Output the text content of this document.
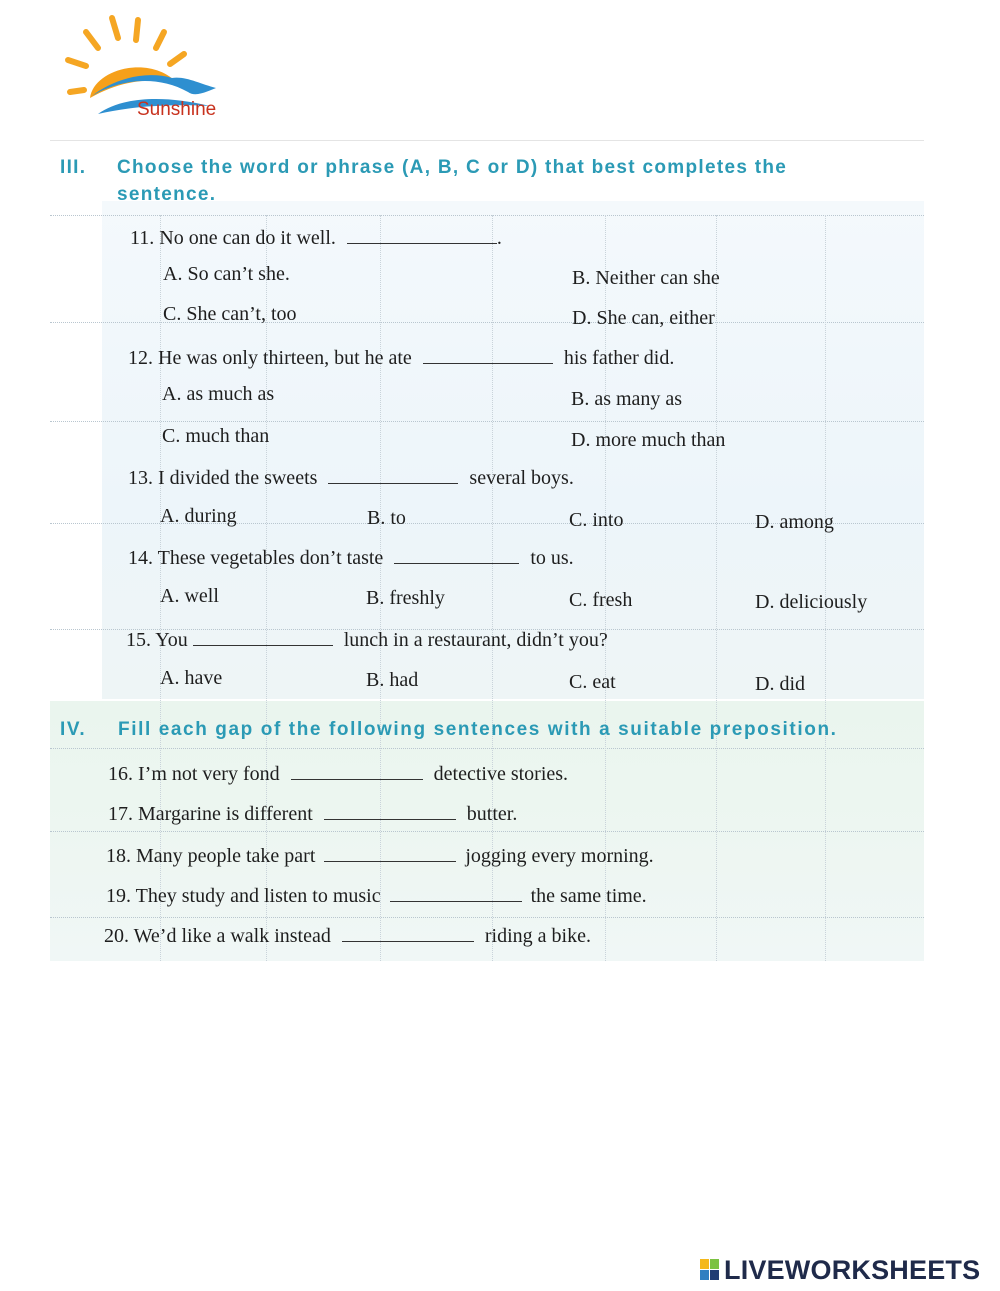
Sunshine
III. Choose the word or phrase (A, B, C or D) that best completes the
sentence.
11. No one can do it well.	.
A. So can’t she.	B. Neither can she
C. She can’t, too	D. She can, either
12. He was only thirteen, but he ate	his father did.
A. as much as	B. as many as
C. much than	D. more much than
13. I divided the sweets	several boys.
A. during	B. to	C. into	D. among
14. These vegetables don’t taste	to us.
A. well	B. freshly	C. fresh	D. deliciously
15. You	lunch in a restaurant, didn’t you?
A. have	B. had	C. eat	D. did
IV. Fill each gap of the following sentences with a suitable preposition.
16. I’m not very fond	detective stories.
17. Margarine is different	butter.
18. Many people take part	jogging every morning.
19. They study and listen to music	the same time.
20. We’d like a walk instead	riding a bike.
LIVEWORKSHEETS
